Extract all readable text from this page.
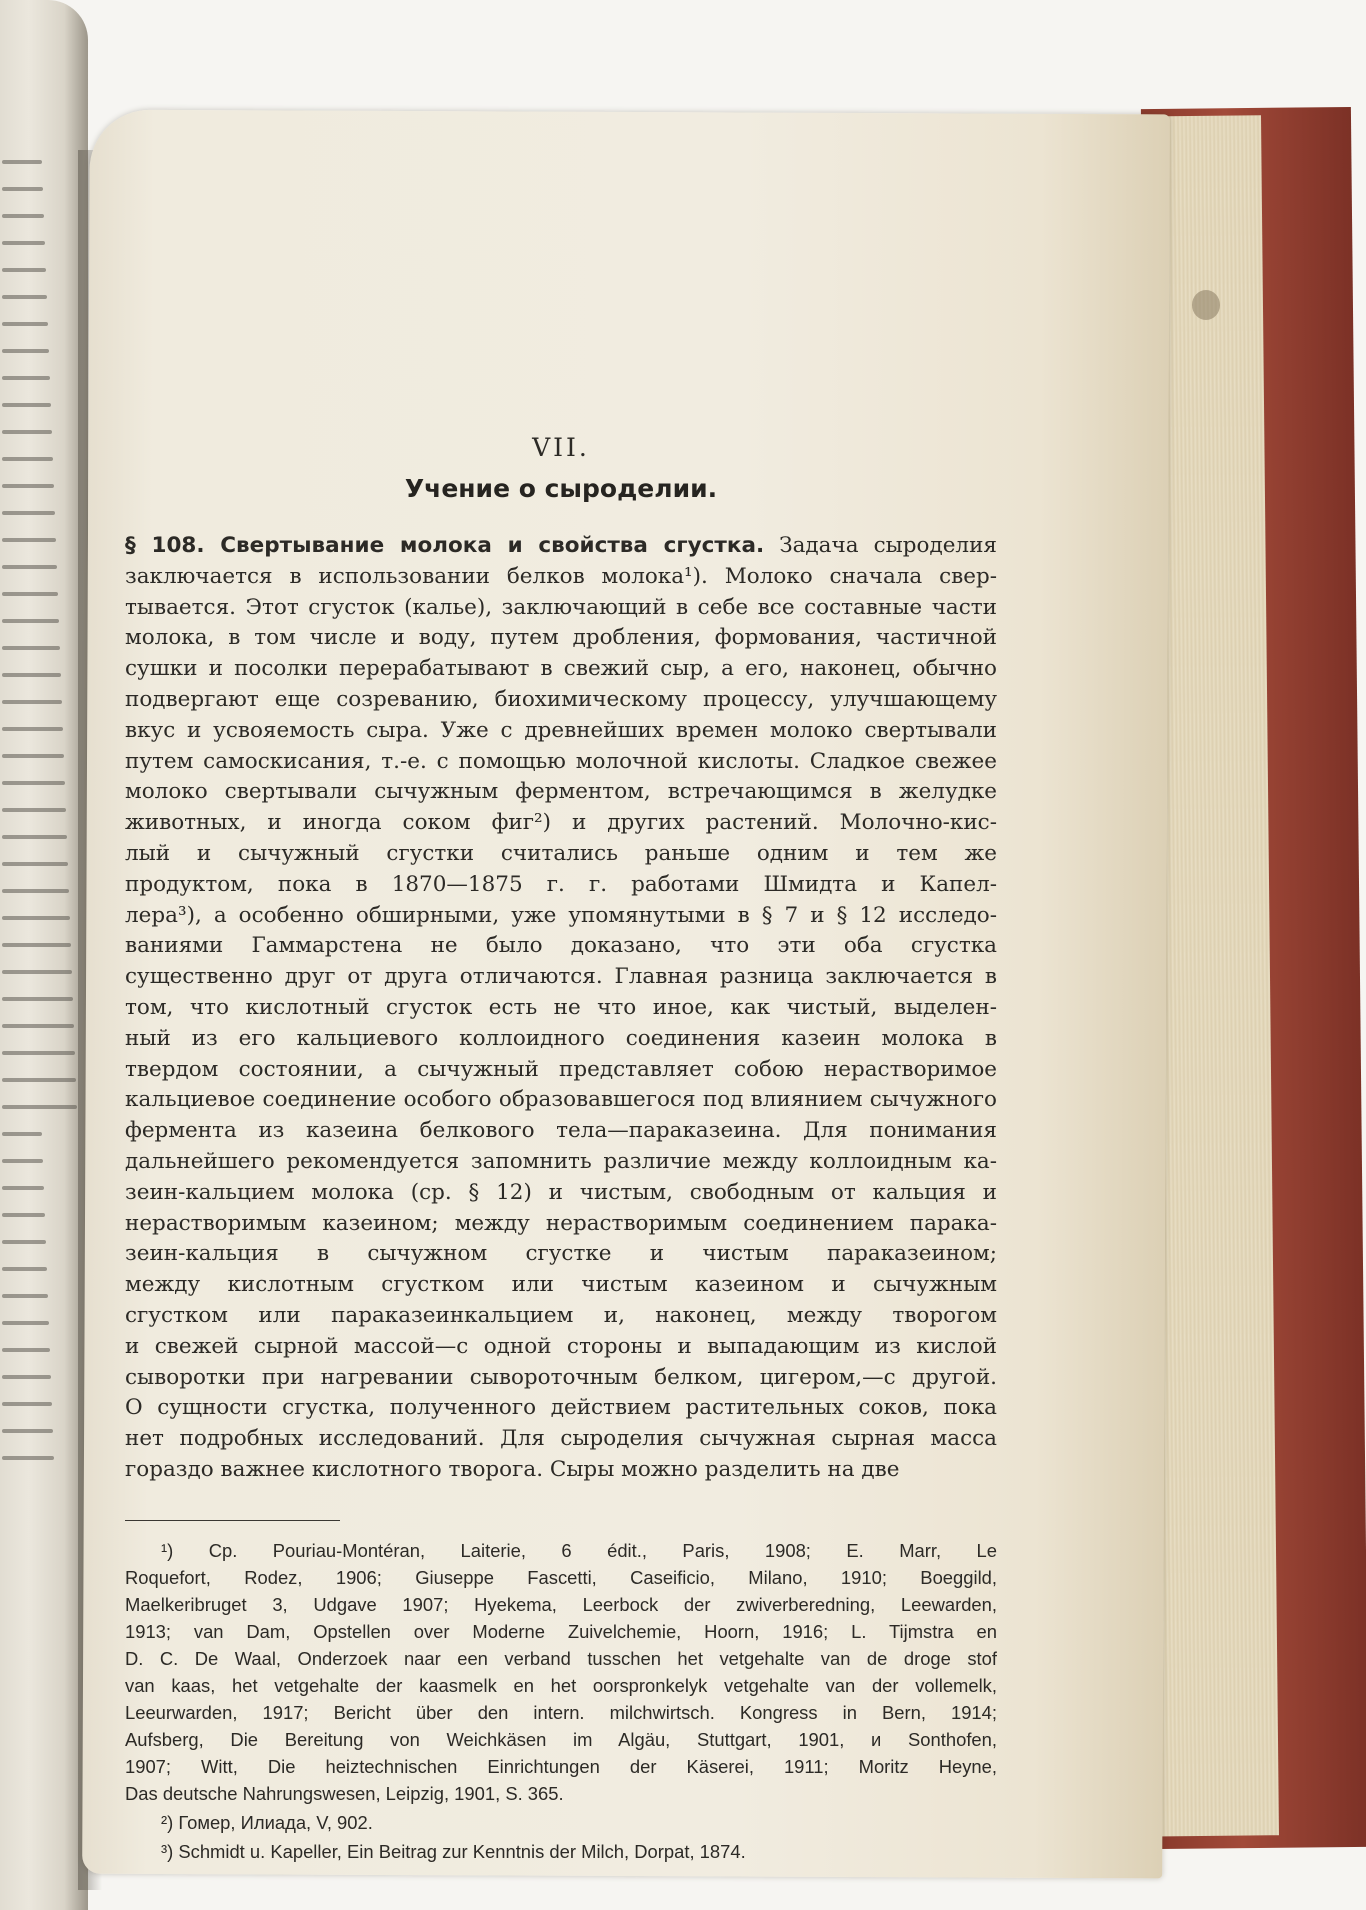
VII.
Учение о сыроделии.
§ 108. Свертывание молока и свойства сгустка. Задача сыроделия
заключается в использовании белков молока¹). Молоко сначала свер-
тывается. Этот сгусток (калье), заключающий в себе все составные части
молока, в том числе и воду, путем дробления, формования, частичной
сушки и посолки перерабатывают в свежий сыр, а его, наконец, обычно
подвергают еще созреванию, биохимическому процессу, улучшающему
вкус и усвояемость сыра. Уже с древнейших времен молоко свертывали
путем самоскисания, т.-е. с помощью молочной кислоты. Сладкое свежее
молоко свертывали сычужным ферментом, встречающимся в желудке
животных, и иногда соком фиг²) и других растений. Молочно-кис-
лый и сычужный сгустки считались раньше одним и тем же
продуктом, пока в 1870—1875 г. г. работами Шмидта и Капел-
лера³), а особенно обширными, уже упомянутыми в § 7 и § 12 исследо-
ваниями Гаммарстена не было доказано, что эти оба сгустка
существенно друг от друга отличаются. Главная разница заключается в
том, что кислотный сгусток есть не что иное, как чистый, выделен-
ный из его кальциевого коллоидного соединения казеин молока в
твердом состоянии, а сычужный представляет собою нерастворимое
кальциевое соединение особого образовавшегося под влиянием сычужного
фермента из казеина белкового тела—параказеина. Для понимания
дальнейшего рекомендуется запомнить различие между коллоидным ка-
зеин-кальцием молока (ср. § 12) и чистым, свободным от кальция и
нерастворимым казеином; между нерастворимым соединением парака-
зеин-кальция в сычужном сгустке и чистым параказеином;
между кислотным сгустком или чистым казеином и сычужным
сгустком или параказеинкальцием и, наконец, между творогом
и свежей сырной массой—с одной стороны и выпадающим из кислой
сыворотки при нагревании сывороточным белком, цигером,—с другой.
О сущности сгустка, полученного действием растительных соков, пока
нет подробных исследований. Для сыроделия сычужная сырная масса
гораздо важнее кислотного творога. Сыры можно разделить на две
¹) Ср. Pouriau-Montéran, Laiterie, 6 édit., Paris, 1908; E. Marr, Le
Roquefort, Rodez, 1906; Giuseppe Fascetti, Caseificio, Milano, 1910; Boeggild,
Maelkeribruget 3, Udgave 1907; Hyekema, Leerbock der zwiverberedning, Leewarden,
1913; van Dam, Opstellen over Moderne Zuivelchemie, Hoorn, 1916; L. Tijmstra en
D. C. De Waal, Onderzoek naar een verband tusschen het vetgehalte van de droge stof
van kaas, het vetgehalte der kaasmelk en het oorspronkelyk vetgehalte van der vollemelk,
Leeurwarden, 1917; Bericht über den intern. milchwirtsch. Kongress in Bern, 1914;
Aufsberg, Die Bereitung von Weichkäsen im Algäu, Stuttgart, 1901, и Sonthofen,
1907; Witt, Die heiztechnischen Einrichtungen der Käserei, 1911; Moritz Heyne,
Das deutsche Nahrungswesen, Leipzig, 1901, S. 365.
²) Гомер, Илиада, V, 902.
³) Schmidt u. Kapeller, Ein Beitrag zur Kenntnis der Milch, Dorpat, 1874.
